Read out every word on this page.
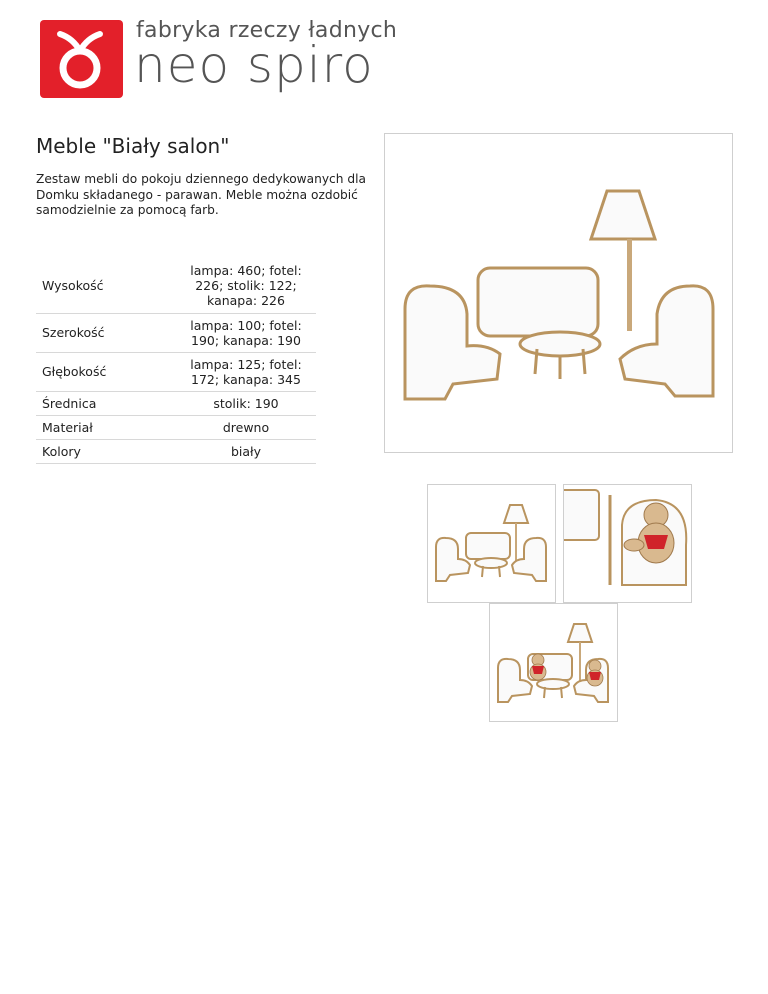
fabryka rzeczy ładnych
neo spiro
Meble "Biały salon"
Zestaw mebli do pokoju dziennego dedykowanych dla Domku składanego - parawan. Meble można ozdobić samodzielnie za pomocą farb.
Wysokość	lampa: 460; fotel: 226; stolik: 122; kanapa: 226
Szerokość	lampa: 100; fotel: 190; kanapa: 190
Głębokość	lampa: 125; fotel: 172; kanapa: 345
Średnica	stolik: 190
Materiał	drewno
Kolory	biały
